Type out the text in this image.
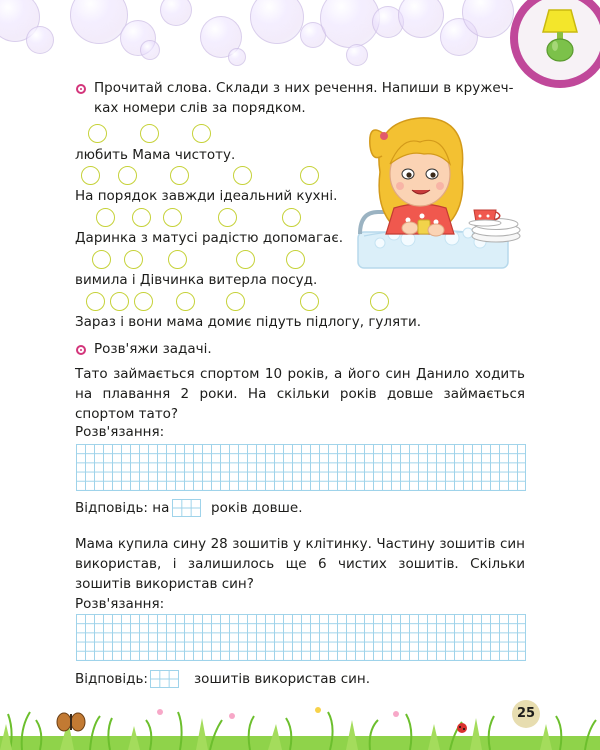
Прочитай слова. Склади з них речення. Напиши в кружеч-
ках номери слів за порядком.
любить Мама чистоту.
На порядок завжди ідеальний кухні.
Даринка з матусі радістю допомагає.
вимила і Дівчинка витерла посуд.
Зараз і вони мама домиє підуть підлогу, гуляти.
Розв'яжи задачі.
Тато займається спортом 10 років, а його син Данило ходить на плавання 2 роки. На скільки років довше займається спортом тато?
Розв'язання:
Відповідь: на	років довше.
Мама купила сину 28 зошитів у клітинку. Частину зошитів син використав, і залишилось ще 6 чистих зошитів. Скільки зошитів використав син?
Розв'язання:
Відповідь:	зошитів використав син.
25
